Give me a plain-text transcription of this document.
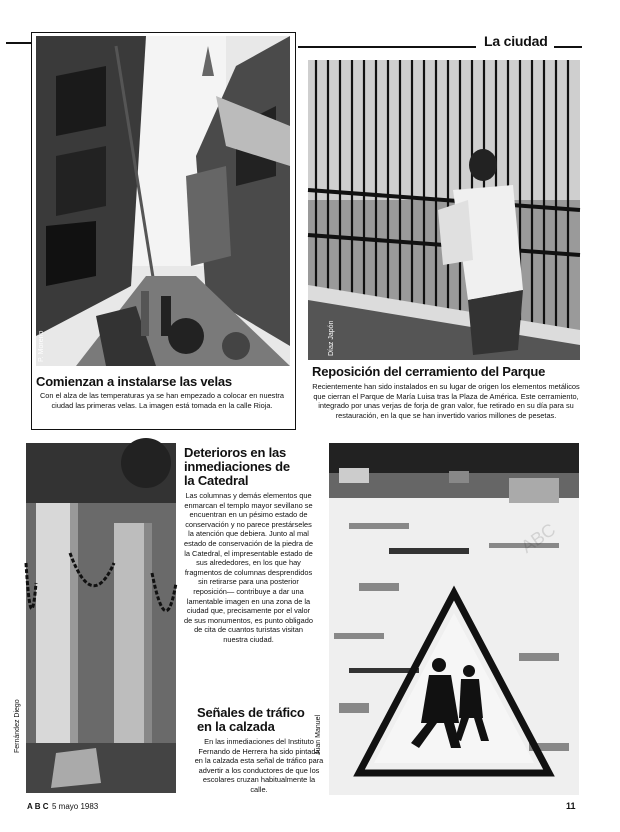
La ciudad
P. Moreno
Comienzan a instalarse las velas
Con el alza de las temperaturas ya se han empezado a colocar en nuestra ciudad las primeras velas. La imagen está tomada en la calle Rioja.
Díaz Japón
Reposición del cerramiento del Parque
Recientemente han sido instalados en su lugar de origen los elementos metálicos que cierran el Parque de María Luisa tras la Plaza de América. Este cerramiento, integrado por unas verjas de forja de gran valor, fue retirado en su día para su restauración, en la que se han invertido varios millones de pesetas.
Fernández Diego
Deterioros en las inmediaciones de la Catedral
Las columnas y demás elementos que enmarcan el templo mayor sevillano se encuentran en un pésimo estado de conservación y no parece prestárseles la atención que debiera. Junto al mal estado de conservación de la piedra de la Catedral, el impresentable estado de sus alrededores, en los que hay fragmentos de columnas desprendidos sin retirarse para una posterior reposición— contribuye a dar una lamentable imagen en una zona de la ciudad que, precisamente por el valor de sus monumentos, es punto obligado de cita de cuantos turistas visitan nuestra ciudad.
Juan Manuel
Señales de tráfico en la calzada
En las inmediaciones del Instituto Fernando de Herrera ha sido pintada en la calzada esta señal de tráfico para advertir a los conductores de que los escolares cruzan habitualmente la calle.
A B C 5 mayo 1983	11
ABC
